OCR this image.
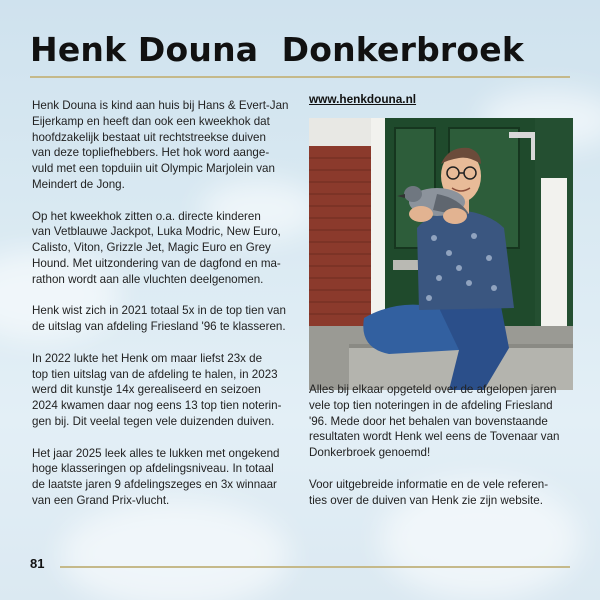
Henk Douna  Donkerbroek

Henk Douna is kind aan huis bij Hans & Evert-Jan
Eijerkamp en heeft dan ook een kweekhok dat
hoofdzakelijk bestaat uit rechtstreekse duiven
van deze topliefhebbers. Het hok word aange-
vuld met een topduiin uit Olympic Marjolein van
Meindert de Jong.

Op het kweekhok zitten o.a. directe kinderen
van Vetblauwe Jackpot, Luka Modric, New Euro,
Calisto, Viton, Grizzle Jet, Magic Euro en Grey
Hound. Met uitzondering van de dagfond en ma-
rathon wordt aan alle vluchten deelgenomen.

Henk wist zich in 2021 totaal 5x in de top tien van
de uitslag van afdeling Friesland '96 te klasseren.

In 2022 lukte het Henk om maar liefst 23x de
top tien uitslag van de afdeling te halen, in 2023
werd dit kunstje 14x gerealiseerd en seizoen
2024 kwamen daar nog eens 13 top tien noterin-
gen bij. Dit veelal tegen vele duizenden duiven.

Het jaar 2025 leek alles te lukken met ongekend
hoge klasseringen op afdelingsniveau. In totaal
de laatste jaren 9 afdelingszeges en 3x winnaar
van een Grand Prix-vlucht.

www.henkdouna.nl

Alles bij elkaar opgeteld over de afgelopen jaren
vele top tien noteringen in de afdeling Friesland
'96. Mede door het behalen van bovenstaande
resultaten wordt Henk wel eens de Tovenaar van
Donkerbroek genoemd!

Voor uitgebreide informatie en de vele referen-
ties over de duiven van Henk zie zijn website.

81
